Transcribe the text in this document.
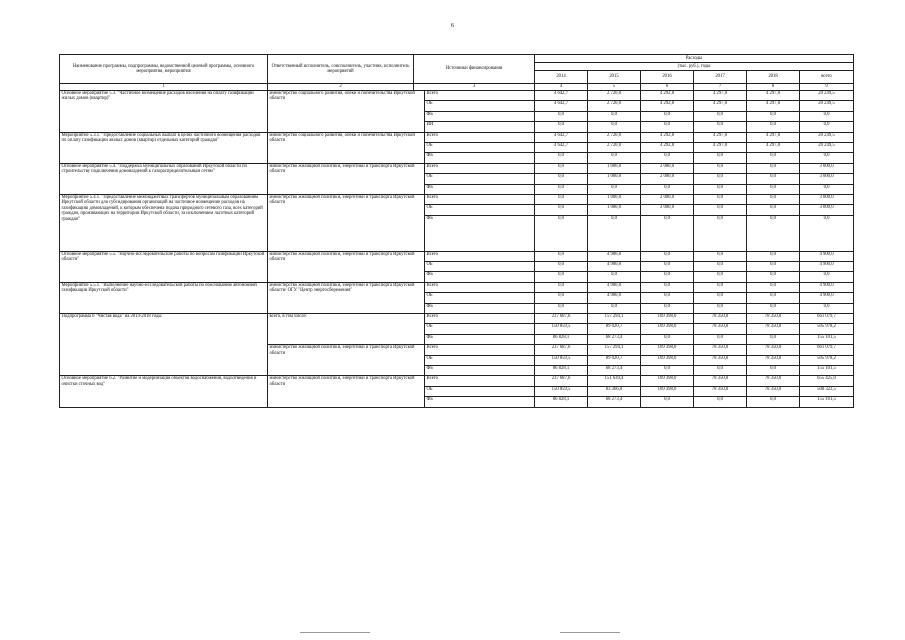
6
Наименование программы, подпрограммы, ведомственной целевой программы, основного мероприятия, мероприятия	Ответственный исполнитель, соисполнитель, участник, исполнитель мероприятий	Источники финансирования		Расходы					
				(тыс. руб.), годы					
				2014	2015	2016	2017	2018	всего
1	2	3		4	5	6	7	8	9
Основное мероприятие 5.3. "Частичное возмещение расходов населения на оплату газификации жилых домов (квартир)"	министерство социального развития, опеки и попечительства Иркутской области		Всего	4 642,7	2 720,0	4 292,8	4 297,0	4 297,0	20 249,5
			ОБ	4 642,7	2 720,0	4 292,8	4 297,0	4 297,0	20 249,5
			ФБ	0,0	0,0	0,0	0,0	0,0	0,0
			ИИ	0,0	0,0	0,0	0,0	0,0	0,0
Мероприятие 5.3.1. "Предоставление социальных выплат в целях частичного возмещения расходов по оплату газификации жилых домов (квартир) отдельных категорий граждан"	министерство социального развития, опеки и попечительства Иркутской области		Всего	4 642,7	2 720,0	4 292,8	4 297,0	4 297,0	20 249,5
			ОБ	4 642,7	2 720,0	4 292,8	4 297,0	4 297,0	20 249,5
			ФБ	0,0	0,0	0,0	0,0	0,0	0,0
Основное мероприятие 5.4. "Поддержка муниципальных образований Иркутской области по строительству подключения домовладений к газораспределительным сетям"	министерство жилищной политики, энергетики и транспорта Иркутской области		Всего	0,0	1 000,0	2 000,0	0,0	0,0	3 000,0
			ОБ	0,0	1 000,0	2 000,0	0,0	0,0	3 000,0
			ФБ	0,0	0,0	0,0	0,0	0,0	0,0
Мероприятие 5.4.1. "Предоставление межбюджетных трансфертов муниципальным образованиям Иркутской области для субсидирования организаций на частичное возмещение расходов на газификацию домовладений, к которым обеспечена подача природного сетевого газа, всех категорий граждан, проживающих на территории Иркутской области, за исключением льготных категорий граждан"	министерство жилищной политики, энергетики и транспорта Иркутской области		Всего	0,0	1 000,0	2 000,0	0,0	0,0	3 000,0
			ОБ	0,0	1 000,0	2 000,0	0,0	0,0	3 000,0
			ФБ	0,0	0,0	0,0	0,0	0,0	0,0
Основное мероприятие 5.5. "Научно-исследовательские работы по вопросам газификации Иркутской области"	министерство жилищной политики, энергетики и транспорта Иркутской области		Всего	0,0	4 900,0	0,0	0,0	0,0	4 900,0
			ОБ	0,0	4 900,0	0,0	0,0	0,0	4 900,0
			ФБ	0,0	0,0	0,0	0,0	0,0	0,0
Мероприятие 5.5.1. "Выполнение научно-исследовательской работы по обоснованию автономной газификации Иркутской области"	министерство жилищной политики, энергетики и транспорта Иркутской области/ ОГУ "Центр энергосбережения"		Всего	0,0	4 900,0	0,0	0,0	0,0	4 900,0
			ОБ	0,0	4 900,0	0,0	0,0	0,0	4 900,0
			ФБ	0,0	0,0	0,0	0,0	0,0	0,0
Подпрограмма 6 "Чистая вода" на 2014-2018 годы	всего, в том числе:		Всего	237 687,6	157 294,1	109 398,0	78 350,0	78 350,0	661 079,7
			ОБ	150 859,5	89 020,7	109 398,0	78 350,0	78 350,0	505 978,2
			ФБ	86 828,1	68 273,4	0,0	0,0	0,0	155 101,5
	министерство жилищной политики, энергетики и транспорта Иркутской области		Всего	237 687,6	157 294,1	109 398,0	78 350,0	78 350,0	661 079,7
			ОБ	150 859,5	89 020,7	109 398,0	78 350,0	78 350,0	505 978,2
			ФБ	86 828,1	68 273,4	0,0	0,0	0,0	155 101,5
Основное мероприятие 6.2. "Развитие и модернизация объектов водоснабжения, водоотведения и очистки сточных вод"	министерство жилищной политики, энергетики и транспорта Иркутской области		Всего	237 687,6	151 639,4	109 398,0	78 350,0	78 350,0	655 425,0
			ОБ	150 859,5	83 366,0	109 398,0	78 350,0	78 350,0	500 323,5
			ФБ	86 828,1	68 273,4	0,0	0,0	0,0	155 101,5
